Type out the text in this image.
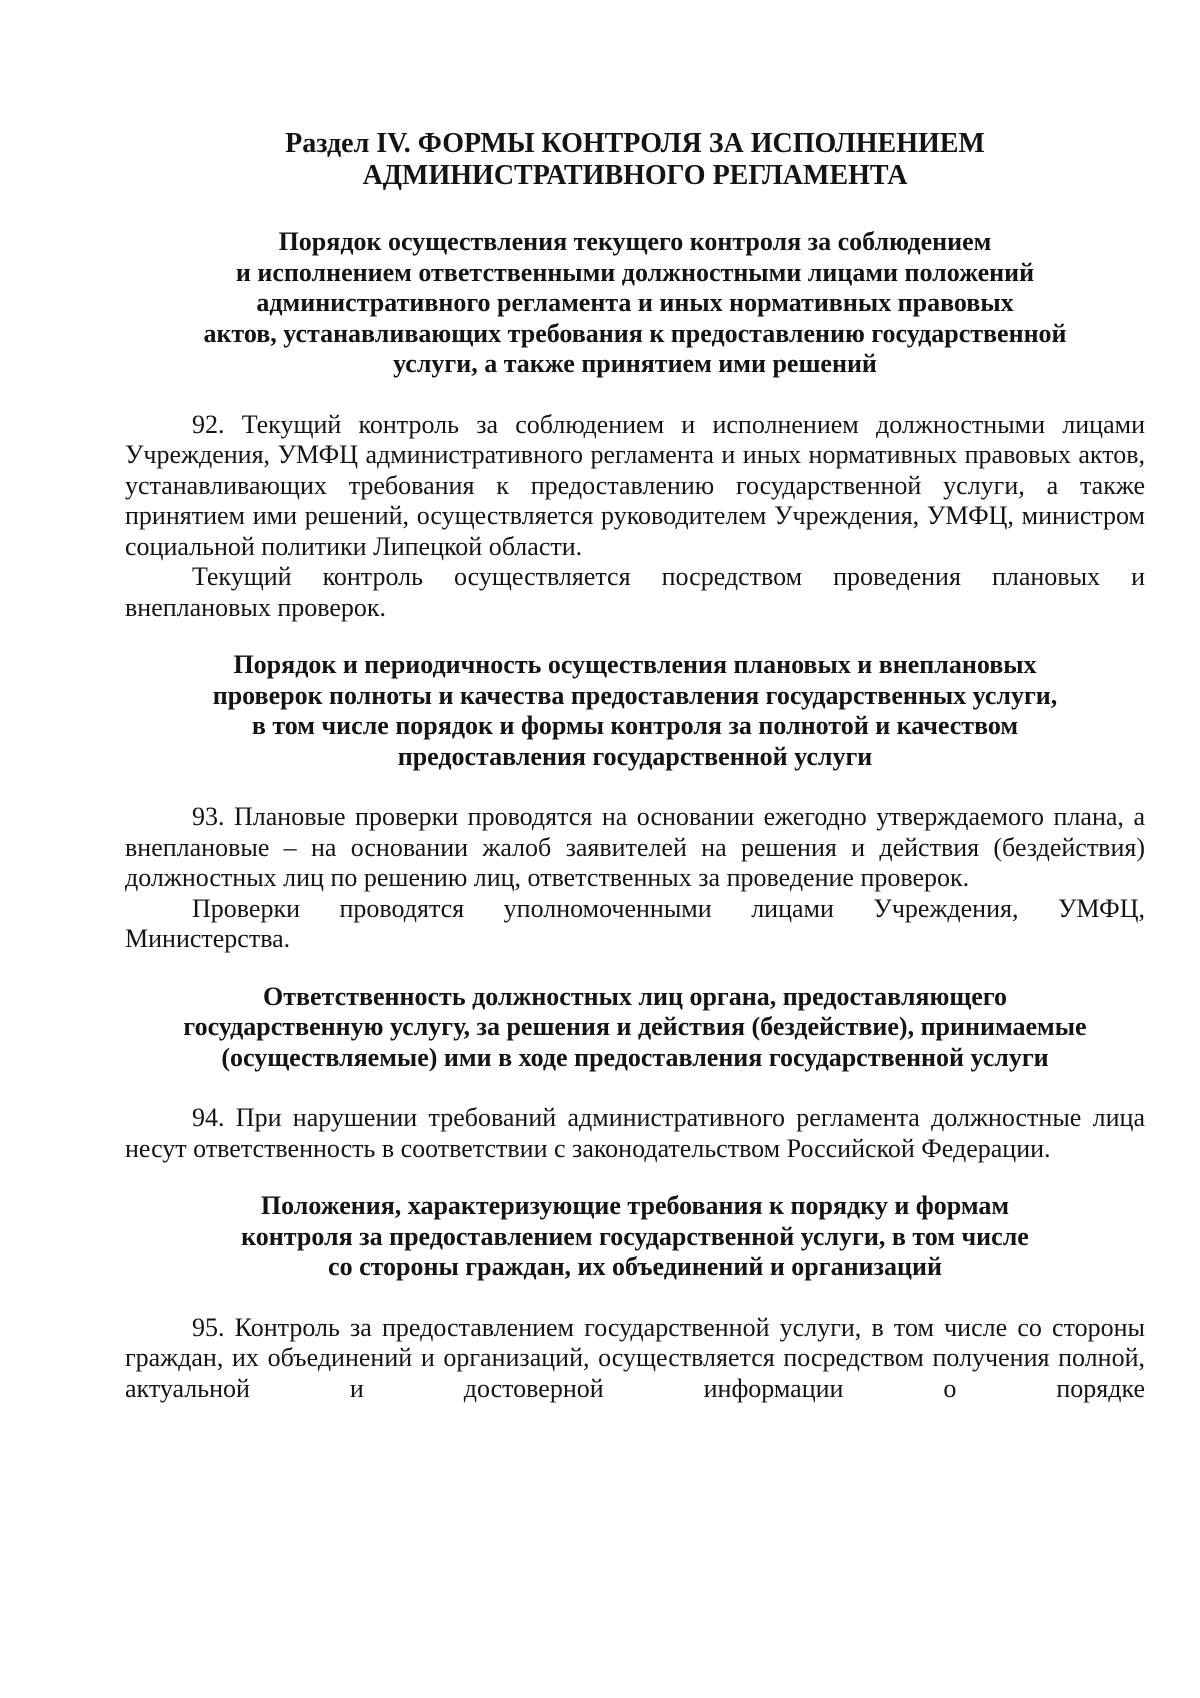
Раздел IV. ФОРМЫ КОНТРОЛЯ ЗА ИСПОЛНЕНИЕМ
АДМИНИСТРАТИВНОГО РЕГЛАМЕНТА
Порядок осуществления текущего контроля за соблюдением
и исполнением ответственными должностными лицами положений
административного регламента и иных нормативных правовых
актов, устанавливающих требования к предоставлению государственной
услуги, а также принятием ими решений

92. Текущий контроль за соблюдением и исполнением должностными лицами Учреждения, УМФЦ административного регламента и иных нормативных правовых актов, устанавливающих требования к предоставлению государственной услуги, а также принятием ими решений, осуществляется руководителем Учреждения, УМФЦ, министром социальной политики Липецкой области.

Текущий контроль осуществляется посредством проведения плановых и внеплановых проверок.

Порядок и периодичность осуществления плановых и внеплановых
проверок полноты и качества предоставления государственных услуги,
в том числе порядок и формы контроля за полнотой и качеством
предоставления государственной услуги

93. Плановые проверки проводятся на основании ежегодно утверждаемого плана, а внеплановые – на основании жалоб заявителей на решения и действия (бездействия) должностных лиц по решению лиц, ответственных за проведение проверок.

Проверки проводятся уполномоченными лицами Учреждения, УМФЦ, Министерства.

Ответственность должностных лиц органа, предоставляющего
государственную услугу, за решения и действия (бездействие), принимаемые
(осуществляемые) ими в ходе предоставления государственной услуги

94. При нарушении требований административного регламента должностные лица несут ответственность в соответствии с законодательством Российской Федерации.

Положения, характеризующие требования к порядку и формам
контроля за предоставлением государственной услуги, в том числе
со стороны граждан, их объединений и организаций

95. Контроль за предоставлением государственной услуги, в том числе со стороны граждан, их объединений и организаций, осуществляется посредством получения полной, актуальной и достоверной информации о порядке
